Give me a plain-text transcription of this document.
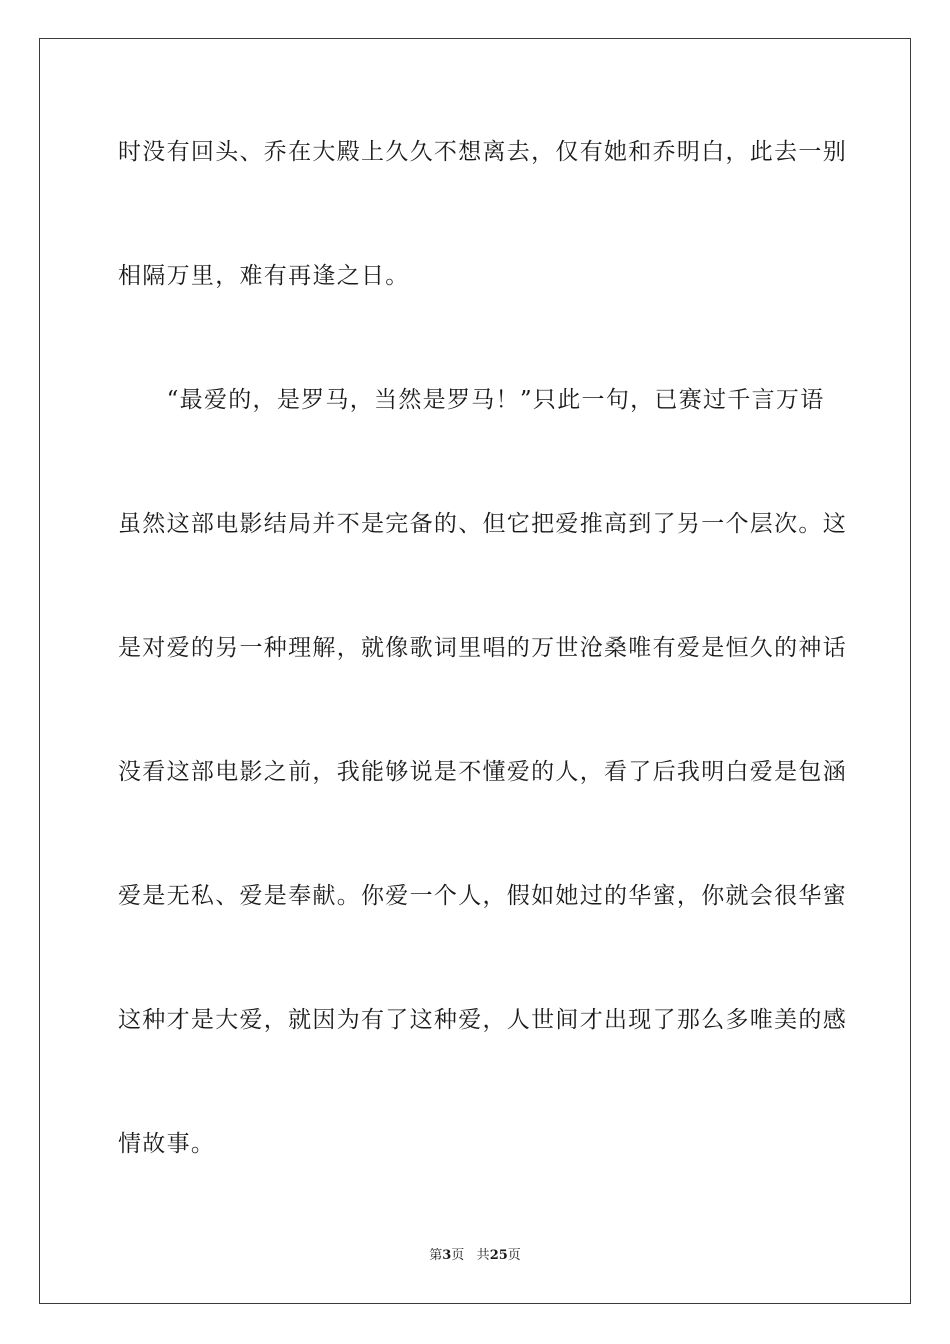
时没有回头、乔在大殿上久久不想离去，仅有她和乔明白，此去一别

相隔万里，难有再逢之日。

　　“最爱的，是罗马，当然是罗马！”只此一句，已赛过千言万语

虽然这部电影结局并不是完备的、但它把爱推高到了另一个层次。这

是对爱的另一种理解，就像歌词里唱的万世沧桑唯有爱是恒久的神话

没看这部电影之前，我能够说是不懂爱的人，看了后我明白爱是包涵

爱是无私、爱是奉献。你爱一个人，假如她过的华蜜，你就会很华蜜

这种才是大爱，就因为有了这种爱，人世间才出现了那么多唯美的感

情故事。

第3页 共25页
